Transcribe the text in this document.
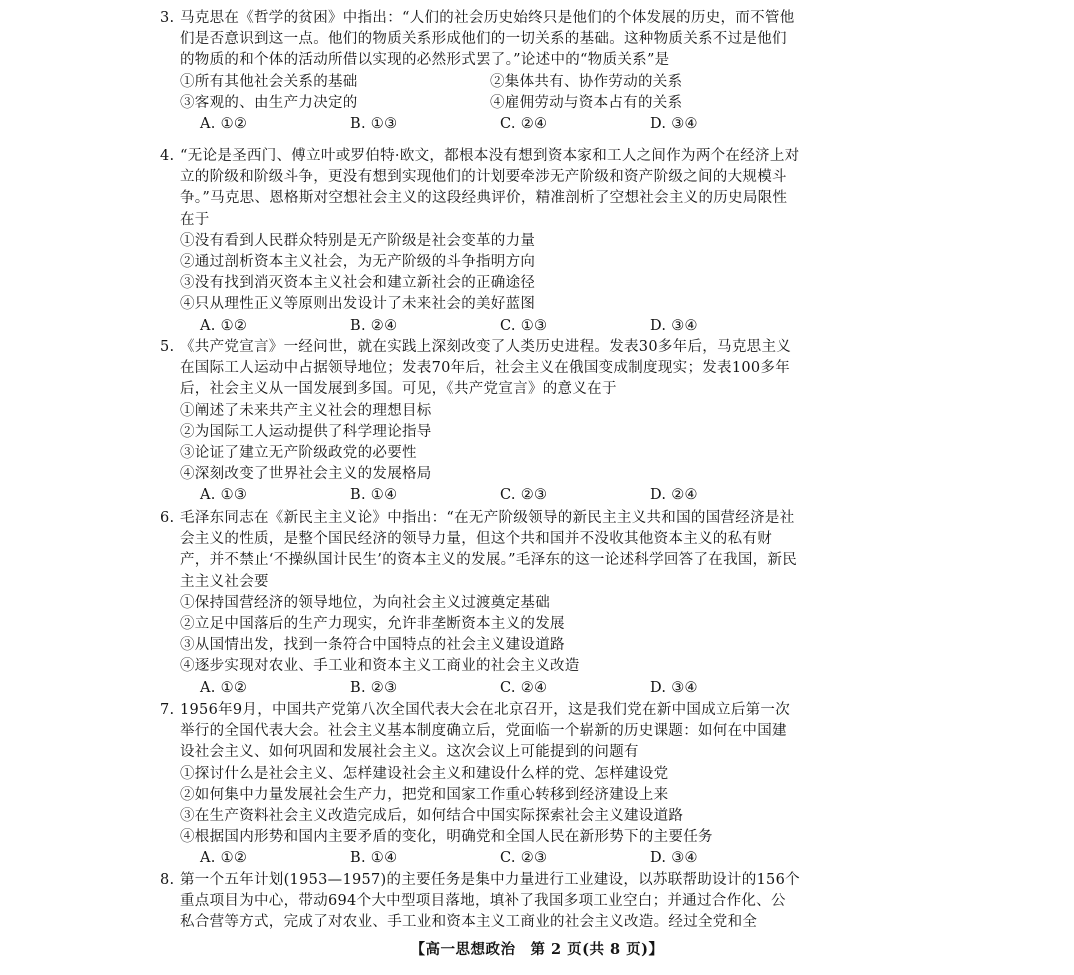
3. 马克思在《哲学的贫困》中指出：“人们的社会历史始终只是他们的个体发展的历史，而不管他们是否意识到这一点。他们的物质关系形成他们的一切关系的基础。这种物质关系不过是他们的物质的和个体的活动所借以实现的必然形式罢了。”论述中的“物质关系”是
①所有其他社会关系的基础	②集体共有、协作劳动的关系
③客观的、由生产力决定的	④雇佣劳动与资本占有的关系
A. ①②	B. ①③	C. ②④	D. ③④
4. “无论是圣西门、傅立叶或罗伯特·欧文，都根本没有想到资本家和工人之间作为两个在经济上对立的阶级和阶级斗争，更没有想到实现他们的计划要牵涉无产阶级和资产阶级之间的大规模斗争。”马克思、恩格斯对空想社会主义的这段经典评价，精准剖析了空想社会主义的历史局限性在于
①没有看到人民群众特别是无产阶级是社会变革的力量
②通过剖析资本主义社会，为无产阶级的斗争指明方向
③没有找到消灭资本主义社会和建立新社会的正确途径
④只从理性正义等原则出发设计了未来社会的美好蓝图
A. ①②	B. ②④	C. ①③	D. ③④
5. 《共产党宣言》一经问世，就在实践上深刻改变了人类历史进程。发表30多年后，马克思主义在国际工人运动中占据领导地位；发表70年后，社会主义在俄国变成制度现实；发表100多年后，社会主义从一国发展到多国。可见，《共产党宣言》的意义在于
①阐述了未来共产主义社会的理想目标
②为国际工人运动提供了科学理论指导
③论证了建立无产阶级政党的必要性
④深刻改变了世界社会主义的发展格局
A. ①③	B. ①④	C. ②③	D. ②④
6. 毛泽东同志在《新民主主义论》中指出：“在无产阶级领导的新民主主义共和国的国营经济是社会主义的性质，是整个国民经济的领导力量，但这个共和国并不没收其他资本主义的私有财产，并不禁止‘不操纵国计民生’的资本主义的发展。”毛泽东的这一论述科学回答了在我国，新民主主义社会要
①保持国营经济的领导地位，为向社会主义过渡奠定基础
②立足中国落后的生产力现实，允许非垄断资本主义的发展
③从国情出发，找到一条符合中国特点的社会主义建设道路
④逐步实现对农业、手工业和资本主义工商业的社会主义改造
A. ①②	B. ②③	C. ②④	D. ③④
7. 1956年9月，中国共产党第八次全国代表大会在北京召开，这是我们党在新中国成立后第一次举行的全国代表大会。社会主义基本制度确立后，党面临一个崭新的历史课题：如何在中国建设社会主义、如何巩固和发展社会主义。这次会议上可能提到的问题有
①探讨什么是社会主义、怎样建设社会主义和建设什么样的党、怎样建设党
②如何集中力量发展社会生产力，把党和国家工作重心转移到经济建设上来
③在生产资料社会主义改造完成后，如何结合中国实际探索社会主义建设道路
④根据国内形势和国内主要矛盾的变化，明确党和全国人民在新形势下的主要任务
A. ①②	B. ①④	C. ②③	D. ③④
8. 第一个五年计划(1953—1957)的主要任务是集中力量进行工业建设，以苏联帮助设计的156个重点项目为中心，带动694个大中型项目落地，填补了我国多项工业空白；并通过合作化、公私合营等方式，完成了对农业、手工业和资本主义工商业的社会主义改造。经过全党和全
【高一思想政治　第 2 页(共 8 页)】
